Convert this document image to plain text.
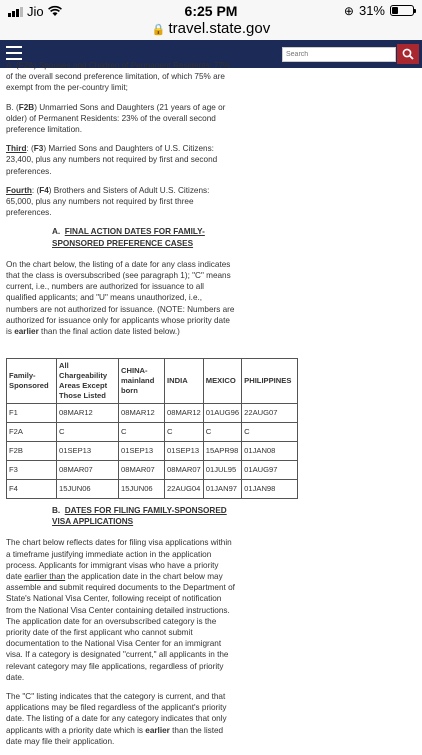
Jio	6:25 PM	⊕ 31%
🔒 travel.state.gov
Search

A: (F2A) Spouses and Children of Permanent Residents: 77% of the overall second preference limitation, of which 75% are exempt from the per-country limit;

B. (F2B) Unmarried Sons and Daughters (21 years of age or older) of Permanent Residents: 23% of the overall second preference limitation.

Third: (F3) Married Sons and Daughters of U.S. Citizens: 23,400, plus any numbers not required by first and second preferences.

Fourth: (F4) Brothers and Sisters of Adult U.S. Citizens: 65,000, plus any numbers not required by first three preferences.

A. FINAL ACTION DATES FOR FAMILY-SPONSORED PREFERENCE CASES

On the chart below, the listing of a date for any class indicates that the class is oversubscribed (see paragraph 1); "C" means current, i.e., numbers are authorized for issuance to all qualified applicants; and "U" means unauthorized, i.e., numbers are not authorized for issuance. (NOTE: Numbers are authorized for issuance only for applicants whose priority date is earlier than the final action date listed below.)

Family-Sponsored	All Chargeability Areas Except Those Listed	CHINA-mainland born	INDIA	MEXICO	PHILIPPINES
F1	08MAR12	08MAR12	08MAR12	01AUG96	22AUG07
F2A	C	C	C	C	C
F2B	01SEP13	01SEP13	01SEP13	15APR98	01JAN08
F3	08MAR07	08MAR07	08MAR07	01JUL95	01AUG97
F4	15JUN06	15JUN06	22AUG04	01JAN97	01JAN98
B. DATES FOR FILING FAMILY-SPONSORED VISA APPLICATIONS

The chart below reflects dates for filing visa applications within a timeframe justifying immediate action in the application process. Applicants for immigrant visas who have a priority date earlier than the application date in the chart below may assemble and submit required documents to the Department of State's National Visa Center, following receipt of notification from the National Visa Center containing detailed instructions. The application date for an oversubscribed category is the priority date of the first applicant who cannot submit documentation to the National Visa Center for an immigrant visa. If a category is designated "current," all applicants in the relevant category may file applications, regardless of priority date.

The "C" listing indicates that the category is current, and that applications may be filed regardless of the applicant's priority date. The listing of a date for any category indicates that only applicants with a priority date which is earlier than the listed date may file their application.
